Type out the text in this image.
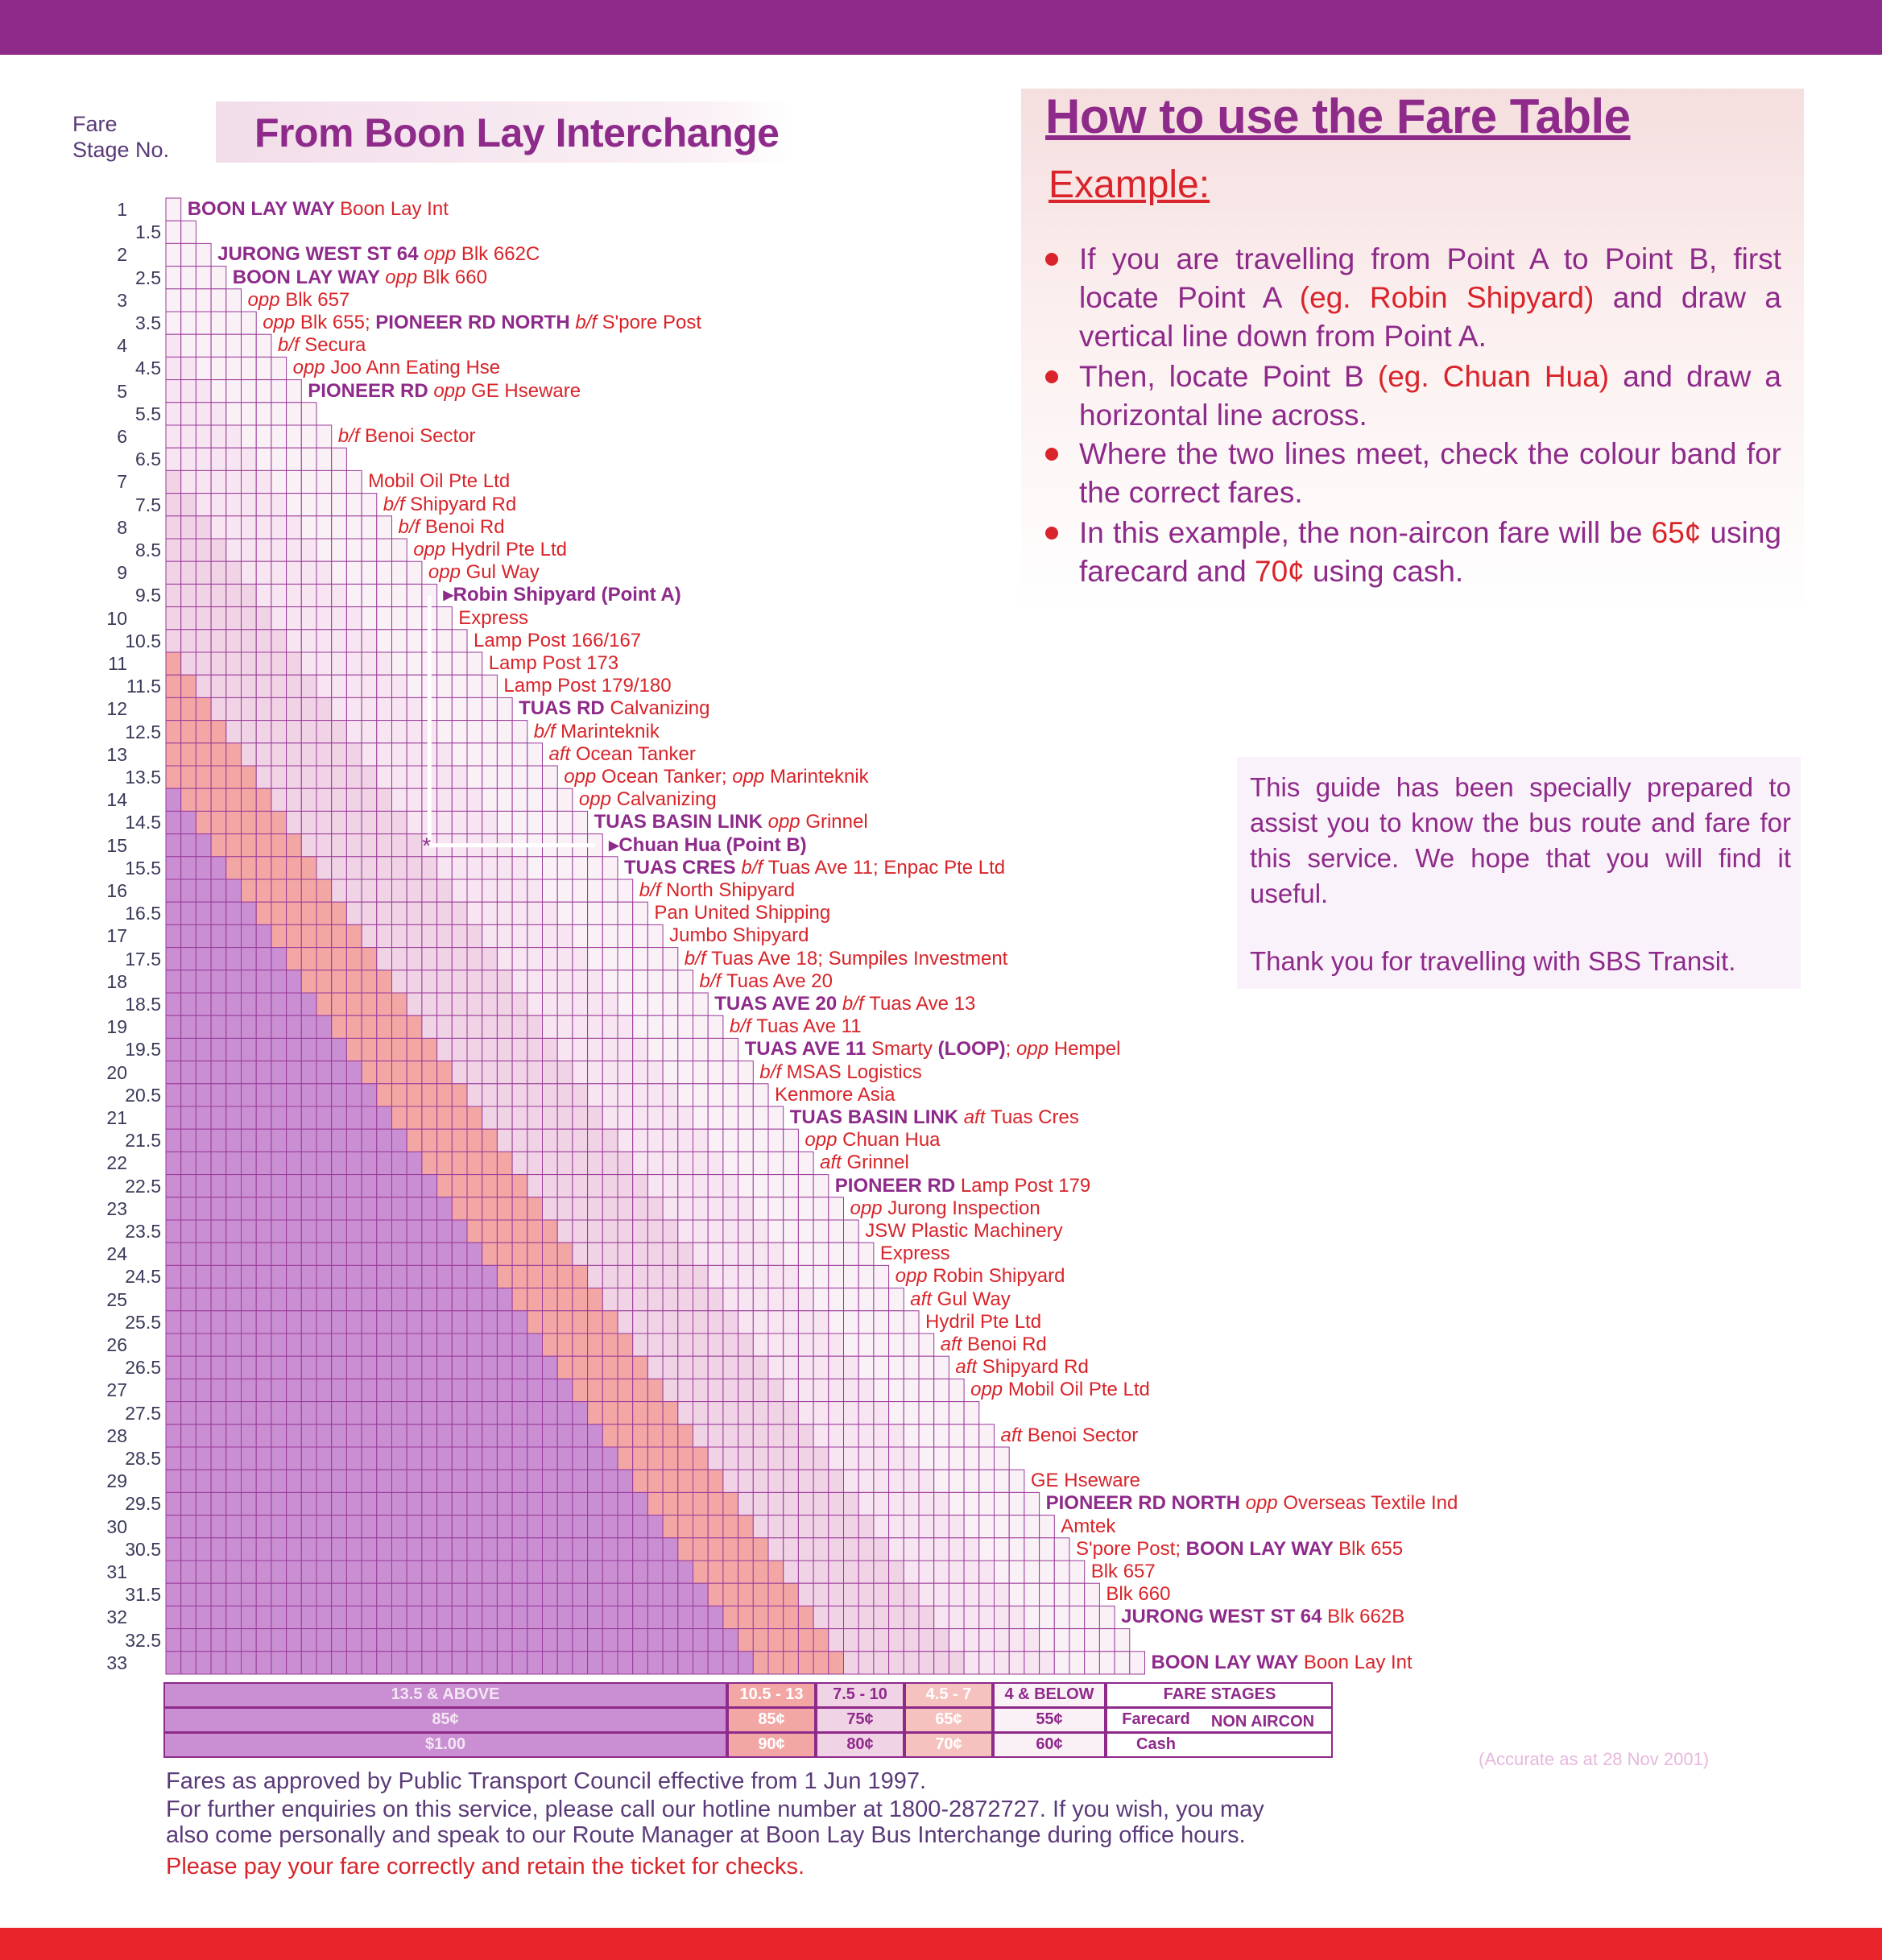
Fare
Stage No. From Boon Lay Interchange
*
1	BOON LAY WAY Boon Lay Int
1.5
2	JURONG WEST ST 64 opp Blk 662C
2.5	BOON LAY WAY opp Blk 660
3	opp Blk 657
3.5	opp Blk 655; PIONEER RD NORTH b/f S'pore Post
4	b/f Secura
4.5	opp Joo Ann Eating Hse
5	PIONEER RD opp GE Hseware
5.5
6	b/f Benoi Sector
6.5
7	Mobil Oil Pte Ltd
7.5	b/f Shipyard Rd
8	b/f Benoi Rd
8.5	opp Hydril Pte Ltd
9	opp Gul Way
9.5	▸Robin Shipyard (Point A)
10	Express
10.5	Lamp Post 166/167
11	Lamp Post 173
11.5	Lamp Post 179/180
12	TUAS RD Calvanizing
12.5	b/f Marinteknik
13	aft Ocean Tanker
13.5	opp Ocean Tanker; opp Marinteknik
14	opp Calvanizing
14.5	TUAS BASIN LINK opp Grinnel
15	▸Chuan Hua (Point B)
15.5	TUAS CRES b/f Tuas Ave 11; Enpac Pte Ltd
16	b/f North Shipyard
16.5	Pan United Shipping
17	Jumbo Shipyard
17.5	b/f Tuas Ave 18; Sumpiles Investment
18	b/f Tuas Ave 20
18.5	TUAS AVE 20 b/f Tuas Ave 13
19	b/f Tuas Ave 11
19.5	TUAS AVE 11 Smarty (LOOP); opp Hempel
20	b/f MSAS Logistics
20.5	Kenmore Asia
21	TUAS BASIN LINK aft Tuas Cres
21.5	opp Chuan Hua
22	aft Grinnel
22.5	PIONEER RD Lamp Post 179
23	opp Jurong Inspection
23.5	JSW Plastic Machinery
24	Express
24.5	opp Robin Shipyard
25	aft Gul Way
25.5	Hydril Pte Ltd
26	aft Benoi Rd
26.5	aft Shipyard Rd
27	opp Mobil Oil Pte Ltd
27.5
28	aft Benoi Sector
28.5
29	GE Hseware
29.5	PIONEER RD NORTH opp Overseas Textile Ind
30	Amtek
30.5	S'pore Post; BOON LAY WAY Blk 655
31	Blk 657
31.5	Blk 660
32	JURONG WEST ST 64 Blk 662B
32.5
33	BOON LAY WAY Boon Lay Int
13.5 & ABOVE	10.5 - 13	7.5 - 10	4.5 - 7	4 & BELOW	FARE STAGES
85¢	85¢	75¢	65¢	55¢	Farecard
$1.00	90¢	80¢	70¢	60¢	Cash
NON AIRCON
Fares as approved by Public Transport Council effective from 1 Jun 1997.
For further enquiries on this service, please call our hotline number at 1800-2872727. If you wish, you may
also come personally and speak to our Route Manager at Boon Lay Bus Interchange during office hours.
Please pay your fare correctly and retain the ticket for checks.
How to use the Fare Table
Example:
If you are travelling from Point A to Point B, first locate Point A (eg. Robin Shipyard) and draw a vertical line down from Point A.
Then, locate Point B (eg. Chuan Hua) and draw a horizontal line across.
Where the two lines meet, check the colour band for the correct fares.
In this example, the non-aircon fare will be 65¢ using farecard and 70¢ using cash.

This guide has been specially prepared to assist you to know the bus route and fare for this service. We hope that you will find it useful.

Thank you for travelling with SBS Transit.

(Accurate as at 28 Nov 2001)
